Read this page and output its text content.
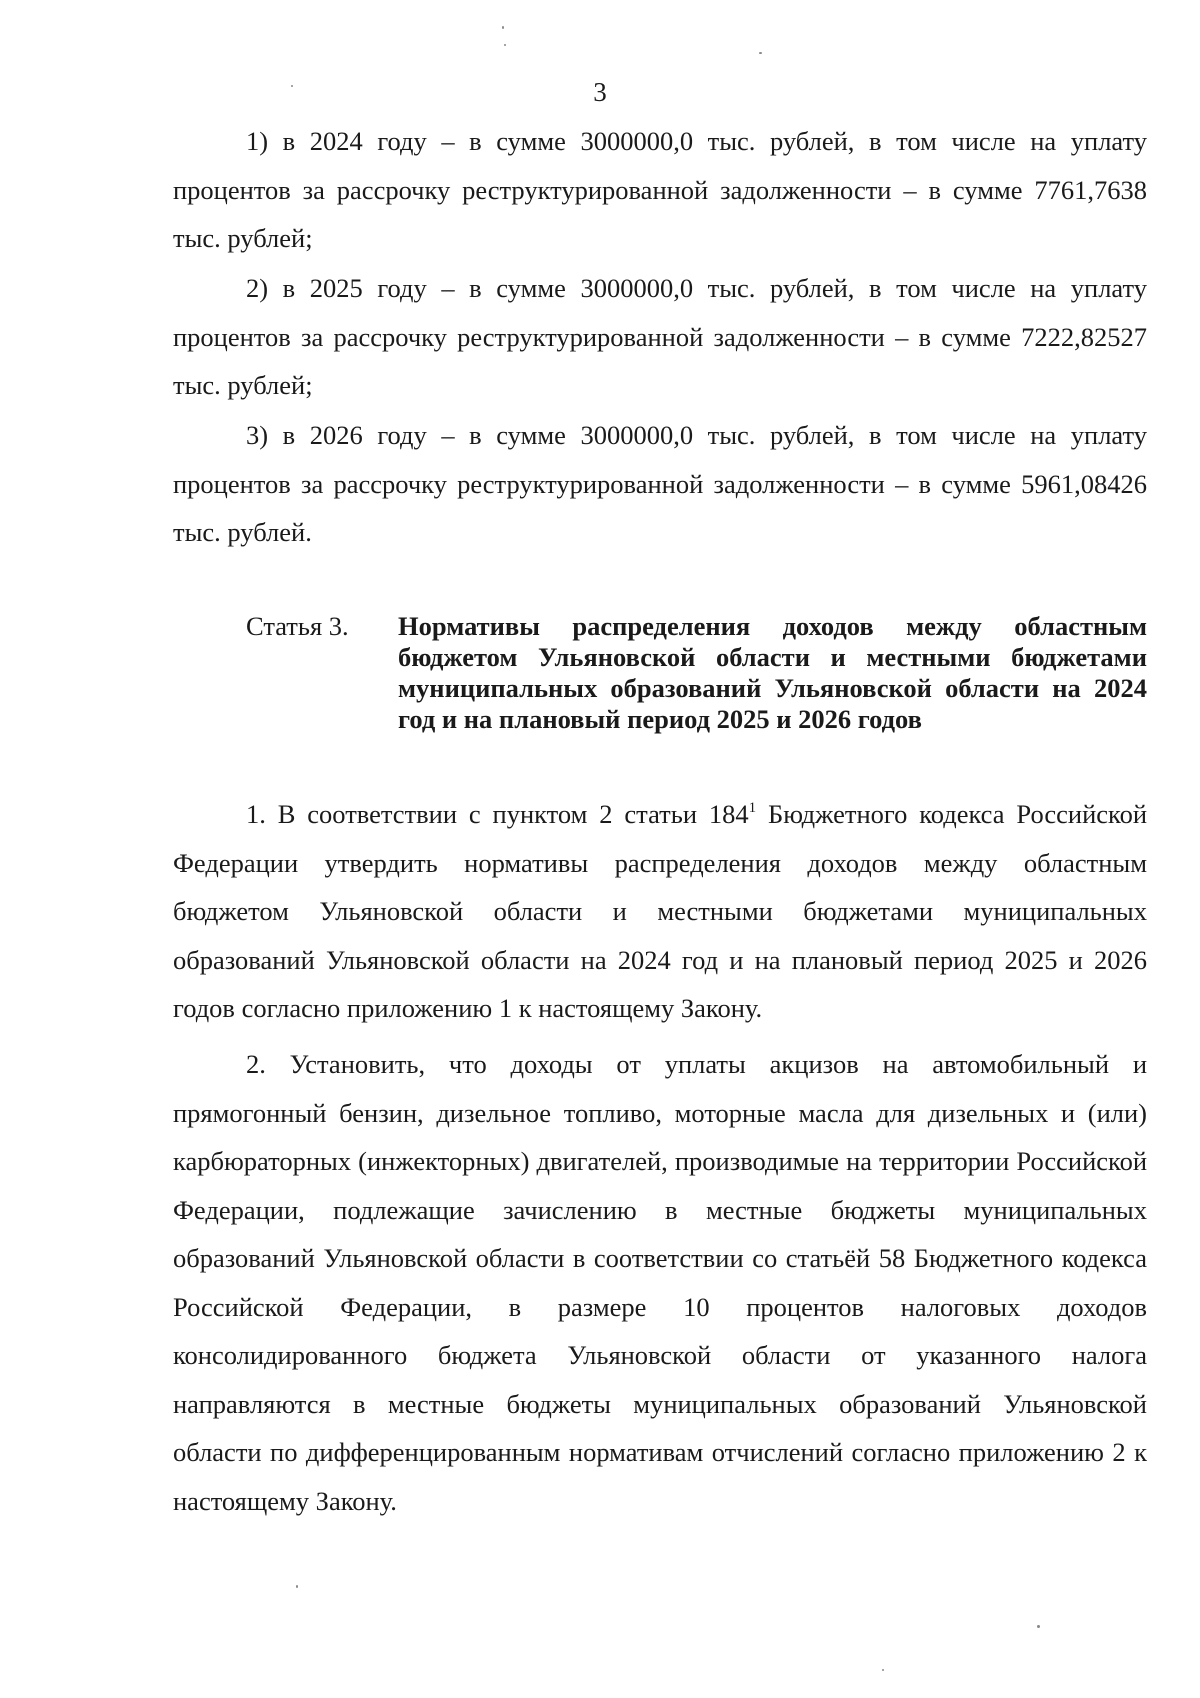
3

1) в 2024 году – в сумме 3000000,0 тыс. рублей, в том числе на уплату процентов за рассрочку реструктурированной задолженности – в сумме 7761,7638 тыс. рублей;

2) в 2025 году – в сумме 3000000,0 тыс. рублей, в том числе на уплату процентов за рассрочку реструктурированной задолженности – в сумме 7222,82527 тыс. рублей;

3) в 2026 году – в сумме 3000000,0 тыс. рублей, в том числе на уплату процентов за рассрочку реструктурированной задолженности – в сумме 5961,08426 тыс. рублей.

Статья 3.	Нормативы распределения доходов между областным бюджетом Ульяновской области и местными бюджетами муниципальных образований Ульяновской области на 2024 год и на плановый период 2025 и 2026 годов

1. В соответствии с пунктом 2 статьи $184^1$ Бюджетного кодекса Российской Федерации утвердить нормативы распределения доходов между областным бюджетом Ульяновской области и местными бюджетами муниципальных образований Ульяновской области на 2024 год и на плановый период 2025 и 2026 годов согласно приложению 1 к настоящему Закону.

2. Установить, что доходы от уплаты акцизов на автомобильный и прямогонный бензин, дизельное топливо, моторные масла для дизельных и (или) карбюраторных (инжекторных) двигателей, производимые на территории Российской Федерации, подлежащие зачислению в местные бюджеты муниципальных образований Ульяновской области в соответствии со статьёй 58 Бюджетного кодекса Российской Федерации, в размере 10 процентов налоговых доходов консолидированного бюджета Ульяновской области от указанного налога направляются в местные бюджеты муниципальных образований Ульяновской области по дифференцированным нормативам отчислений согласно приложению 2 к настоящему Закону.
